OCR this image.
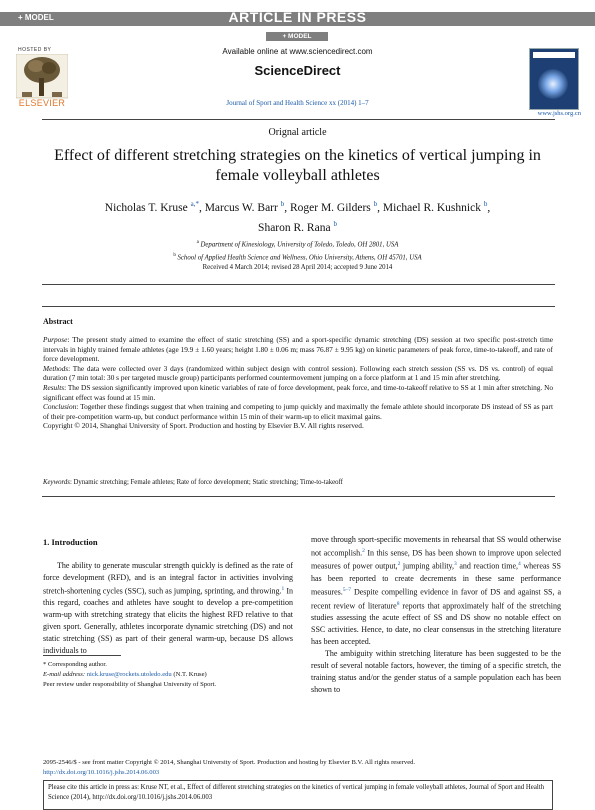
+ MODEL	ARTICLE IN PRESS
+ MODEL
HOSTED BY
ELSEVIER
Available online at www.sciencedirect.com
ScienceDirect
Journal of Sport and Health Science xx (2014) 1–7
www.jshs.org.cn
Orignal article
Effect of different stretching strategies on the kinetics of vertical jumping in female volleyball athletes
Nicholas T. Kruse $^{a,*}$, Marcus W. Barr $^b$, Roger M. Gilders $^b$, Michael R. Kushnick $^b$,
Sharon R. Rana $^b$
$^a$ Department of Kinesiology, University of Toledo, Toledo, OH 2801, USA
$^b$ School of Applied Health Science and Wellness, Ohio University, Athens, OH 45701, USA
Received 4 March 2014; revised 28 April 2014; accepted 9 June 2014
Abstract

Purpose: The present study aimed to examine the effect of static stretching (SS) and a sport-specific dynamic stretching (DS) session at two specific post-stretch time intervals in highly trained female athletes (age 19.9 ± 1.60 years; height 1.80 ± 0.06 m; mass 76.87 ± 9.95 kg) on kinetic parameters of peak force, time-to-takeoff, and rate of force development.

Methods: The data were collected over 3 days (randomized within subject design with control session). Following each stretch session (SS vs. DS vs. control) of equal duration (7 min total: 30 s per targeted muscle group) participants performed countermovement jumping on a force platform at 1 and 15 min after stretching.

Results: The DS session significantly improved upon kinetic variables of rate of force development, peak force, and time-to-takeoff relative to SS at 1 min after stretching. No significant effect was found at 15 min.

Conclusion: Together these findings suggest that when training and competing to jump quickly and maximally the female athlete should incorporate DS instead of SS as part of their pre-competition warm-up, but conduct performance within 15 min of their warm-up to elicit maximal gains.

Copyright © 2014, Shanghai University of Sport. Production and hosting by Elsevier B.V. All rights reserved.

Keywords: Dynamic stretching; Female athletes; Rate of force development; Static stretching; Time-to-takeoff
1. Introduction

The ability to generate muscular strength quickly is defined as the rate of force development (RFD), and is an integral factor in activities involving stretch-shortening cycles (SSC), such as jumping, sprinting, and throwing.$^1$ In this regard, coaches and athletes have sought to develop a pre-competition warm-up with stretching strategy that elicits the highest RFD relative to that given sport. Generally, athletes incorporate dynamic stretching (DS) and not static stretching (SS) as part of their general warm-up, because DS allows individuals to

move through sport-specific movements in rehearsal that SS would otherwise not accomplish.$^2$ In this sense, DS has been shown to improve upon selected measures of power output,$^2$ jumping ability,$^3$ and reaction time,$^4$ whereas SS has been reported to create decrements in these same performance measures.$^{5-7}$ Despite compelling evidence in favor of DS and against SS, a recent review of literature$^8$ reports that approximately half of the stretching studies assessing the acute effect of SS and DS show no notable effect on SSC activities. Hence, to date, no clear consensus in the stretching literature has been accepted.

The ambiguity within stretching literature has been suggested to be the result of several notable factors, however, the timing of a specific stretch, the training status and/or the gender status of a sample population each has been shown to

* Corresponding author.
E-mail address: nick.kruse@rockets.utoledo.edu (N.T. Kruse)
Peer review under responsibility of Shanghai University of Sport.
2095-2546/$ - see front matter Copyright © 2014, Shanghai University of Sport. Production and hosting by Elsevier B.V. All rights reserved.
http://dx.doi.org/10.1016/j.jshs.2014.06.003
Please cite this article in press as: Kruse NT, et al., Effect of different stretching strategies on the kinetics of vertical jumping in female volleyball athletes, Journal of Sport and Health Science (2014), http://dx.doi.org/10.1016/j.jshs.2014.06.003
